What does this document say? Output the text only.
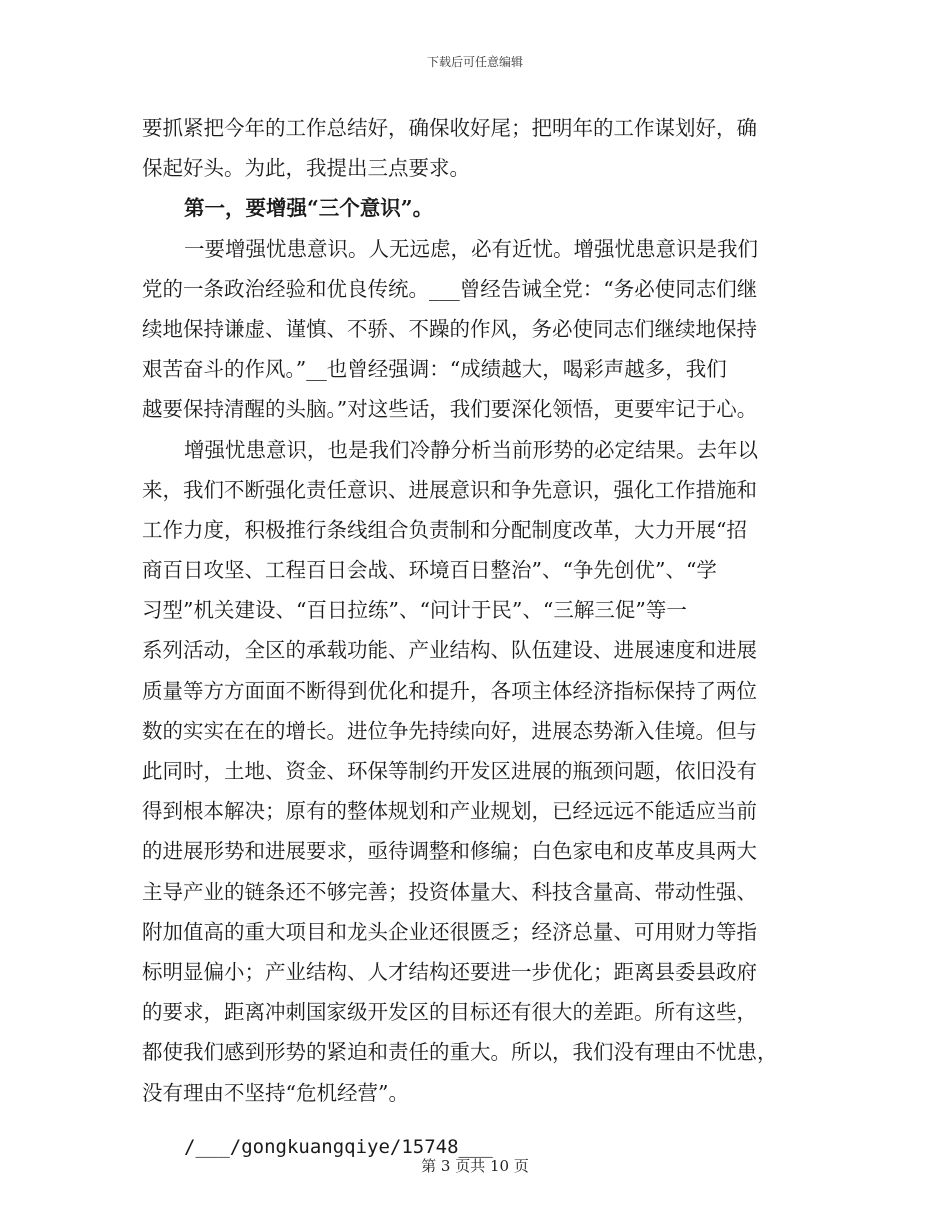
下载后可任意编辑
要抓紧把今年的工作总结好，确保收好尾；把明年的工作谋划好，确
保起好头。为此，我提出三点要求。
第一，要增强“三个意识”。
一要增强忧患意识。人无远虑，必有近忧。增强忧患意识是我们
党的一条政治经验和优良传统。___曾经告诫全党：“务必使同志们继
续地保持谦虚、谨慎、不骄、不躁的作风，务必使同志们继续地保持
艰苦奋斗的作风。”__也曾经强调：“成绩越大，喝彩声越多，我们
越要保持清醒的头脑。”对这些话，我们要深化领悟，更要牢记于心。
增强忧患意识，也是我们冷静分析当前形势的必定结果。去年以
来，我们不断强化责任意识、进展意识和争先意识，强化工作措施和
工作力度，积极推行条线组合负责制和分配制度改革，大力开展“招
商百日攻坚、工程百日会战、环境百日整治”、“争先创优”、“学
习型”机关建设、“百日拉练”、“问计于民”、“三解三促”等一
系列活动，全区的承载功能、产业结构、队伍建设、进展速度和进展
质量等方方面面不断得到优化和提升，各项主体经济指标保持了两位
数的实实在在的增长。进位争先持续向好，进展态势渐入佳境。但与
此同时，土地、资金、环保等制约开发区进展的瓶颈问题，依旧没有
得到根本解决；原有的整体规划和产业规划，已经远远不能适应当前
的进展形势和进展要求，亟待调整和修编；白色家电和皮革皮具两大
主导产业的链条还不够完善；投资体量大、科技含量高、带动性强、
附加值高的重大项目和龙头企业还很匮乏；经济总量、可用财力等指
标明显偏小；产业结构、人才结构还要进一步优化；距离县委县政府
的要求，距离冲刺国家级开发区的目标还有很大的差距。所有这些，
都使我们感到形势的紧迫和责任的重大。所以，我们没有理由不忧患，
没有理由不坚持“危机经营”。
/___/gongkuangqiye/15748___
第 3 页共 10 页
